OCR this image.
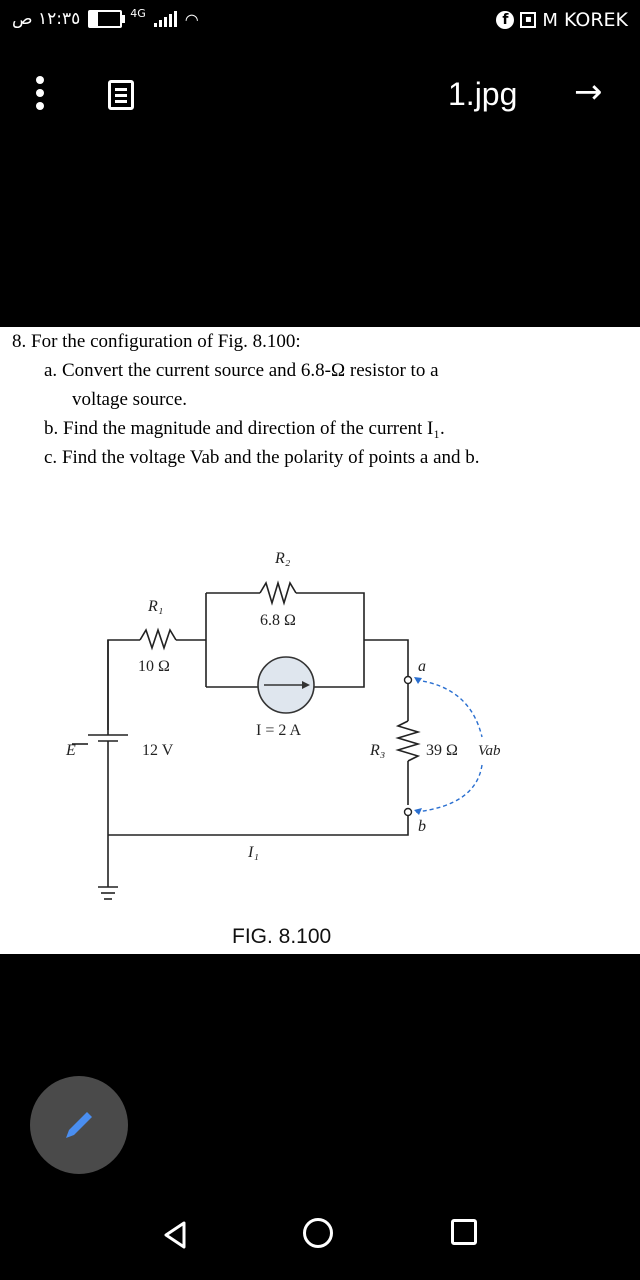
١٢:٣٥ ص	4G ◠	f	▪ M KOREK
1.jpg →
8. For the configuration of Fig. 8.100:
a. Convert the current source and 6.8-Ω resistor to a
voltage source.
b. Find the magnitude and direction of the current I₁.
c. Find the voltage Vab and the polarity of points a and b.
R₂
6.8 Ω
R₁
10 Ω
I = 2 A
E	12 V	R₃	39 Ω Vab
a
b
I₁
FIG. 8.100
